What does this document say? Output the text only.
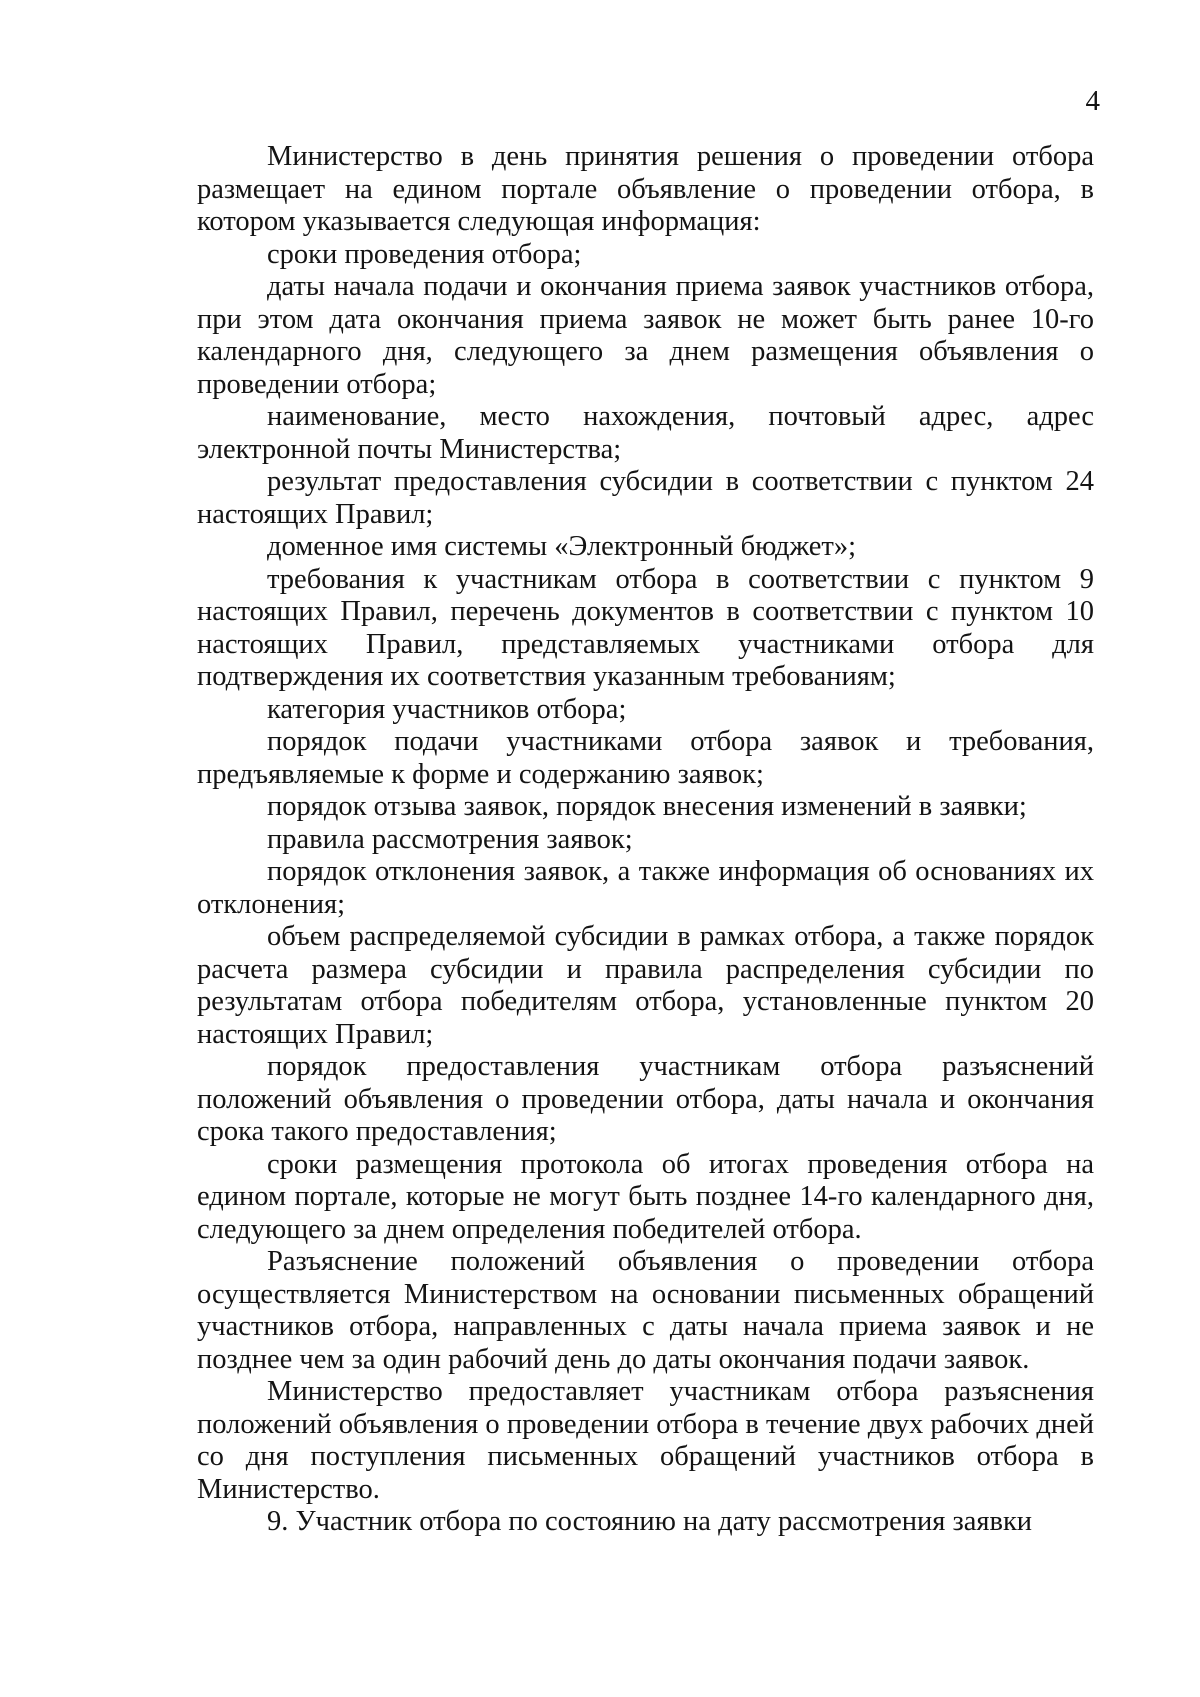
4

Министерство в день принятия решения о проведении отбора размещает на едином портале объявление о проведении отбора, в котором указывается следующая информация:

сроки проведения отбора;

даты начала подачи и окончания приема заявок участников отбора, при этом дата окончания приема заявок не может быть ранее 10-го календарного дня, следующего за днем размещения объявления о проведении отбора;

наименование, место нахождения, почтовый адрес, адрес электронной почты Министерства;

результат предоставления субсидии в соответствии с пунктом 24 настоящих Правил;

доменное имя системы «Электронный бюджет»;

требования к участникам отбора в соответствии с пунктом 9 настоящих Правил, перечень документов в соответствии с пунктом 10 настоящих Правил, представляемых участниками отбора для подтверждения их соответствия указанным требованиям;

категория участников отбора;

порядок подачи участниками отбора заявок и требования, предъявляемые к форме и содержанию заявок;

порядок отзыва заявок, порядок внесения изменений в заявки;

правила рассмотрения заявок;

порядок отклонения заявок, а также информация об основаниях их отклонения;

объем распределяемой субсидии в рамках отбора, а также порядок расчета размера субсидии и правила распределения субсидии по результатам отбора победителям отбора, установленные пунктом 20 настоящих Правил;

порядок предоставления участникам отбора разъяснений положений объявления о проведении отбора, даты начала и окончания срока такого предоставления;

сроки размещения протокола об итогах проведения отбора на едином портале, которые не могут быть позднее 14-го календарного дня, следующего за днем определения победителей отбора.

Разъяснение положений объявления о проведении отбора осуществляется Министерством на основании письменных обращений участников отбора, направленных с даты начала приема заявок и не позднее чем за один рабочий день до даты окончания подачи заявок.

Министерство предоставляет участникам отбора разъяснения положений объявления о проведении отбора в течение двух рабочих дней со дня поступления письменных обращений участников отбора в Министерство.

9. Участник отбора по состоянию на дату рассмотрения заявки
